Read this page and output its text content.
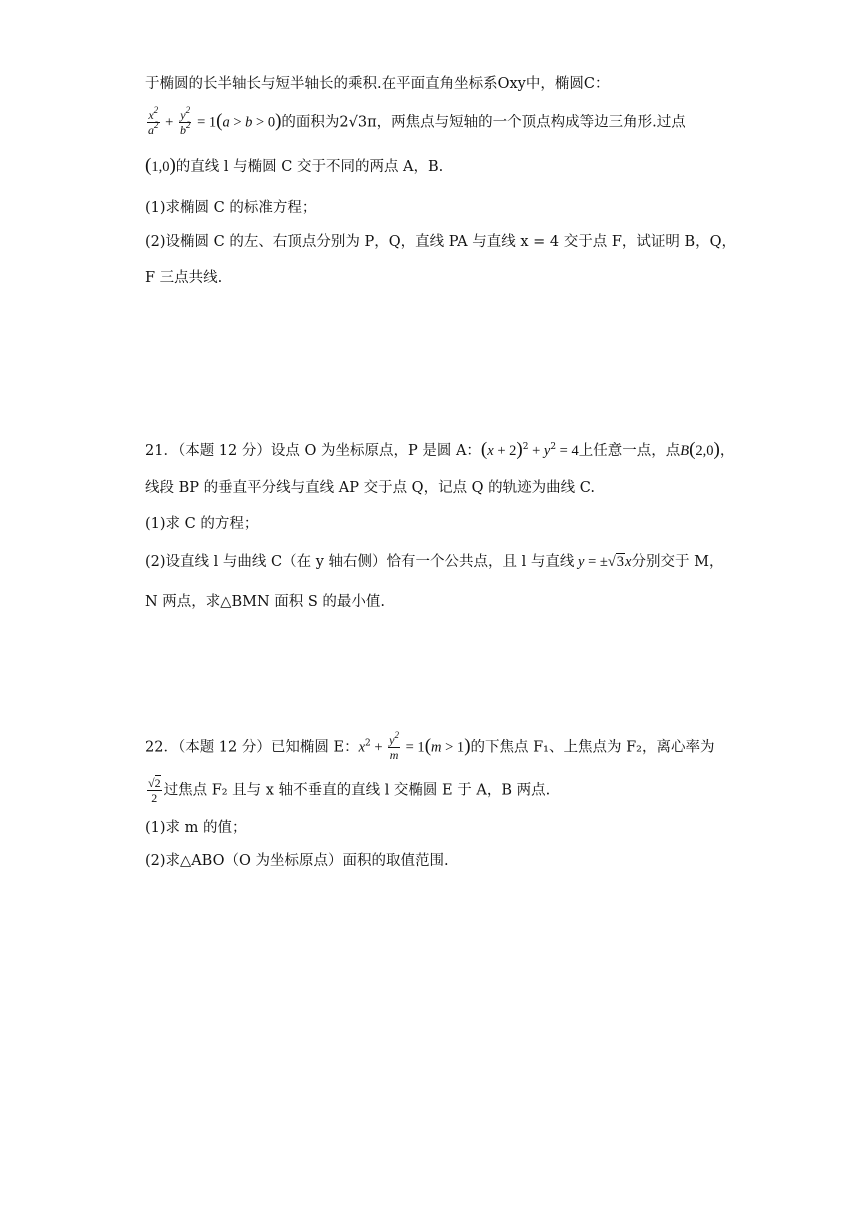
于椭圆的长半轴长与短半轴长的乘积.在平面直角坐标系Oxy中，椭圆C：
$\frac{x^2}{a^2} + \frac{y^2}{b^2} = 1(a > b > 0)$的面积为2√3π，两焦点与短轴的一个顶点构成等边三角形.过点
(1,0)的直线 l 与椭圆 C 交于不同的两点 A，B.
(1)求椭圆 C 的标准方程；
(2)设椭圆 C 的左、右顶点分别为 P，Q，直线 PA 与直线 x = 4 交于点 F，试证明 B，Q，
F 三点共线.
21．（本题 12 分）设点 O 为坐标原点，P 是圆 A：$(x + 2)^2 + y^2 = 4$上任意一点，点B(2,0)，
线段 BP 的垂直平分线与直线 AP 交于点 Q，记点 Q 的轨迹为曲线 C.
(1)求 C 的方程；
(2)设直线 l 与曲线 C（在 y 轴右侧）恰有一个公共点，且 l 与直线 y = ±√3x分别交于 M，
N 两点，求△BMN 面积 S 的最小值.
22．（本题 12 分）已知椭圆 E：$x^2 + \frac{y^2}{m} = 1(m > 1)$的下焦点 F₁、上焦点为 F₂，离心率为
$\frac{√2}{2}$ 过焦点 F₂ 且与 x 轴不垂直的直线 l 交椭圆 E 于 A，B 两点.
(1)求 m 的值；
(2)求△ABO（O 为坐标原点）面积的取值范围.
